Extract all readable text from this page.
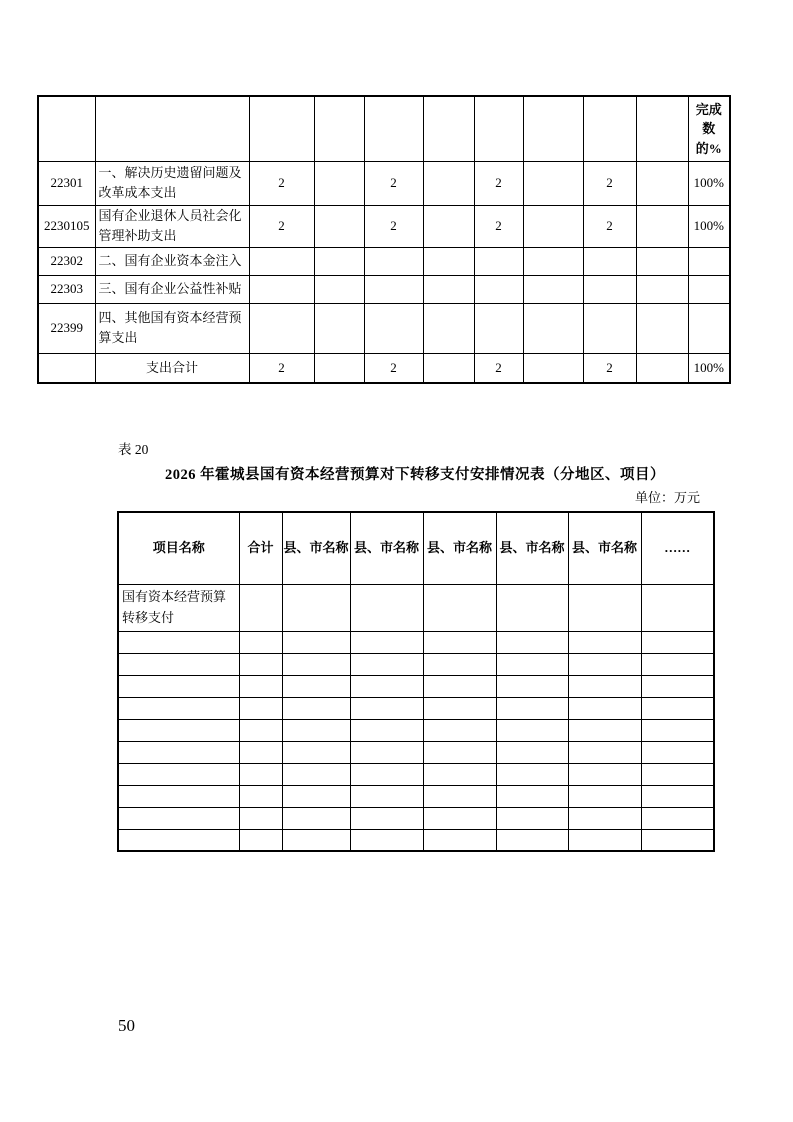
										完成
数
的%

22301	一、解决历史遗留问题及改革成本支出	2		2		2		2		100%
2230105	国有企业退休人员社会化管理补助支出	2		2		2		2		100%
22302	二、国有企业资本金注入									
22303	三、国有企业公益性补贴									
22399	四、其他国有资本经营预算支出									
	支出合计	2		2		2		2		100%
表 20
2026 年霍城县国有资本经营预算对下转移支付安排情况表（分地区、项目）
单位：万元
项目名称	合计	县、市名称	县、市名称	县、市名称	县、市名称	县、市名称	……
国有资本经营预算转移支付							

50
